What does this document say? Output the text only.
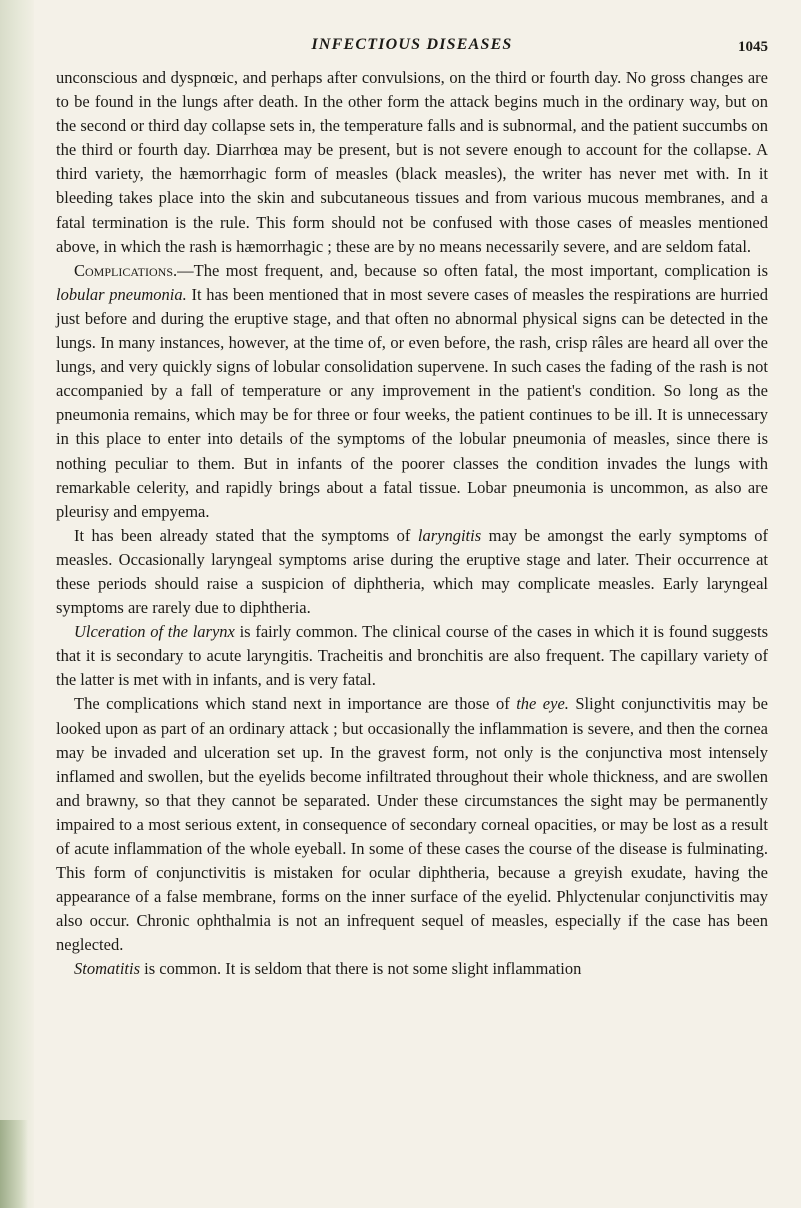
INFECTIOUS DISEASES	1045

unconscious and dyspnœic, and perhaps after convulsions, on the third or fourth day. No gross changes are to be found in the lungs after death. In the other form the attack begins much in the ordinary way, but on the second or third day collapse sets in, the temperature falls and is subnormal, and the patient succumbs on the third or fourth day. Diarrhœa may be present, but is not severe enough to account for the collapse. A third variety, the hæmorrhagic form of measles (black measles), the writer has never met with. In it bleeding takes place into the skin and subcutaneous tissues and from various mucous membranes, and a fatal termination is the rule. This form should not be confused with those cases of measles mentioned above, in which the rash is hæmorrhagic ; these are by no means necessarily severe, and are seldom fatal.

Complications.—The most frequent, and, because so often fatal, the most important, complication is lobular pneumonia. It has been mentioned that in most severe cases of measles the respirations are hurried just before and during the eruptive stage, and that often no abnormal physical signs can be detected in the lungs. In many instances, however, at the time of, or even before, the rash, crisp râles are heard all over the lungs, and very quickly signs of lobular consolidation supervene. In such cases the fading of the rash is not accompanied by a fall of temperature or any improvement in the patient's condition. So long as the pneumonia remains, which may be for three or four weeks, the patient continues to be ill. It is unnecessary in this place to enter into details of the symptoms of the lobular pneumonia of measles, since there is nothing peculiar to them. But in infants of the poorer classes the condition invades the lungs with remarkable celerity, and rapidly brings about a fatal tissue. Lobar pneumonia is uncommon, as also are pleurisy and empyema.

It has been already stated that the symptoms of laryngitis may be amongst the early symptoms of measles. Occasionally laryngeal symptoms arise during the eruptive stage and later. Their occurrence at these periods should raise a suspicion of diphtheria, which may complicate measles. Early laryngeal symptoms are rarely due to diphtheria.

Ulceration of the larynx is fairly common. The clinical course of the cases in which it is found suggests that it is secondary to acute laryngitis. Tracheitis and bronchitis are also frequent. The capillary variety of the latter is met with in infants, and is very fatal.

The complications which stand next in importance are those of the eye. Slight conjunctivitis may be looked upon as part of an ordinary attack ; but occasionally the inflammation is severe, and then the cornea may be invaded and ulceration set up. In the gravest form, not only is the conjunctiva most intensely inflamed and swollen, but the eyelids become infiltrated throughout their whole thickness, and are swollen and brawny, so that they cannot be separated. Under these circumstances the sight may be permanently impaired to a most serious extent, in consequence of secondary corneal opacities, or may be lost as a result of acute inflammation of the whole eyeball. In some of these cases the course of the disease is fulminating. This form of conjunctivitis is mistaken for ocular diphtheria, because a greyish exudate, having the appearance of a false membrane, forms on the inner surface of the eyelid. Phlyctenular conjunctivitis may also occur. Chronic ophthalmia is not an infrequent sequel of measles, especially if the case has been neglected.

Stomatitis is common. It is seldom that there is not some slight inflammation
